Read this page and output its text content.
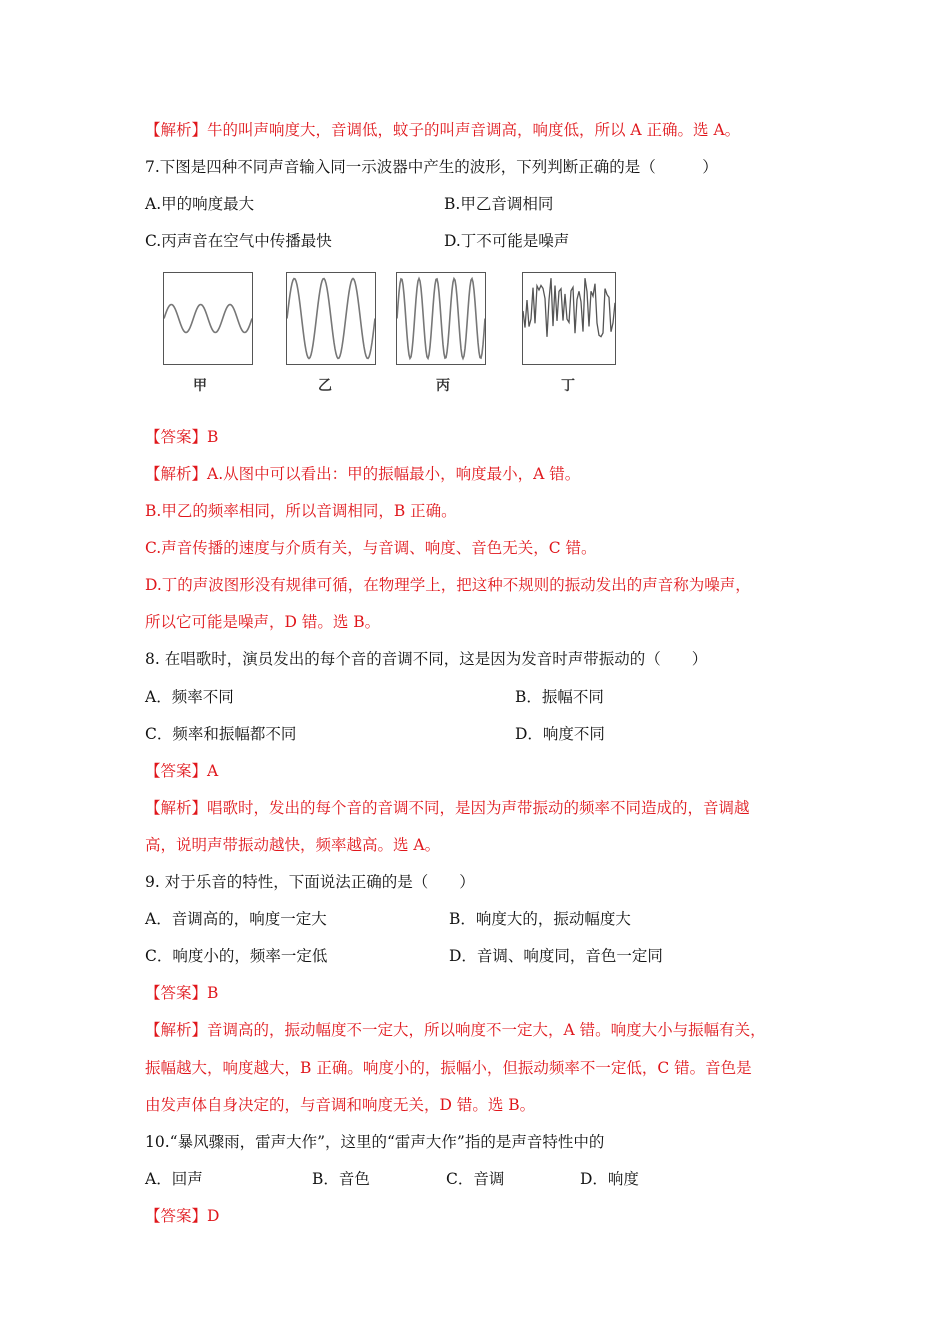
【解析】牛的叫声响度大，音调低，蚊子的叫声音调高，响度低，所以 A 正确。选 A。
7.下图是四种不同声音输入同一示波器中产生的波形，下列判断正确的是（　　　）
A.甲的响度最大	B.甲乙音调相同
C.丙声音在空气中传播最快	D.丁不可能是噪声
甲	乙	丙	丁
【答案】B
【解析】A.从图中可以看出：甲的振幅最小，响度最小，A 错。
B.甲乙的频率相同，所以音调相同，B 正确。
C.声音传播的速度与介质有关，与音调、响度、音色无关，C 错。
D.丁的声波图形没有规律可循，在物理学上，把这种不规则的振动发出的声音称为噪声，
所以它可能是噪声，D 错。选 B。
8. 在唱歌时，演员发出的每个音的音调不同，这是因为发音时声带振动的（　　）
A．频率不同	B．振幅不同
C．频率和振幅都不同	D．响度不同
【答案】A
【解析】唱歌时，发出的每个音的音调不同，是因为声带振动的频率不同造成的，音调越
高，说明声带振动越快，频率越高。选 A。
9. 对于乐音的特性，下面说法正确的是（　　）
A．音调高的，响度一定大	B．响度大的，振动幅度大
C．响度小的，频率一定低	D．音调、响度同，音色一定同
【答案】B
【解析】音调高的，振动幅度不一定大，所以响度不一定大，A 错。响度大小与振幅有关，
振幅越大，响度越大，B 正确。响度小的，振幅小，但振动频率不一定低，C 错。音色是
由发声体自身决定的，与音调和响度无关，D 错。选 B。
10.“暴风骤雨，雷声大作”，这里的“雷声大作”指的是声音特性中的
A．回声	B．音色	C．音调	D．响度
【答案】D
